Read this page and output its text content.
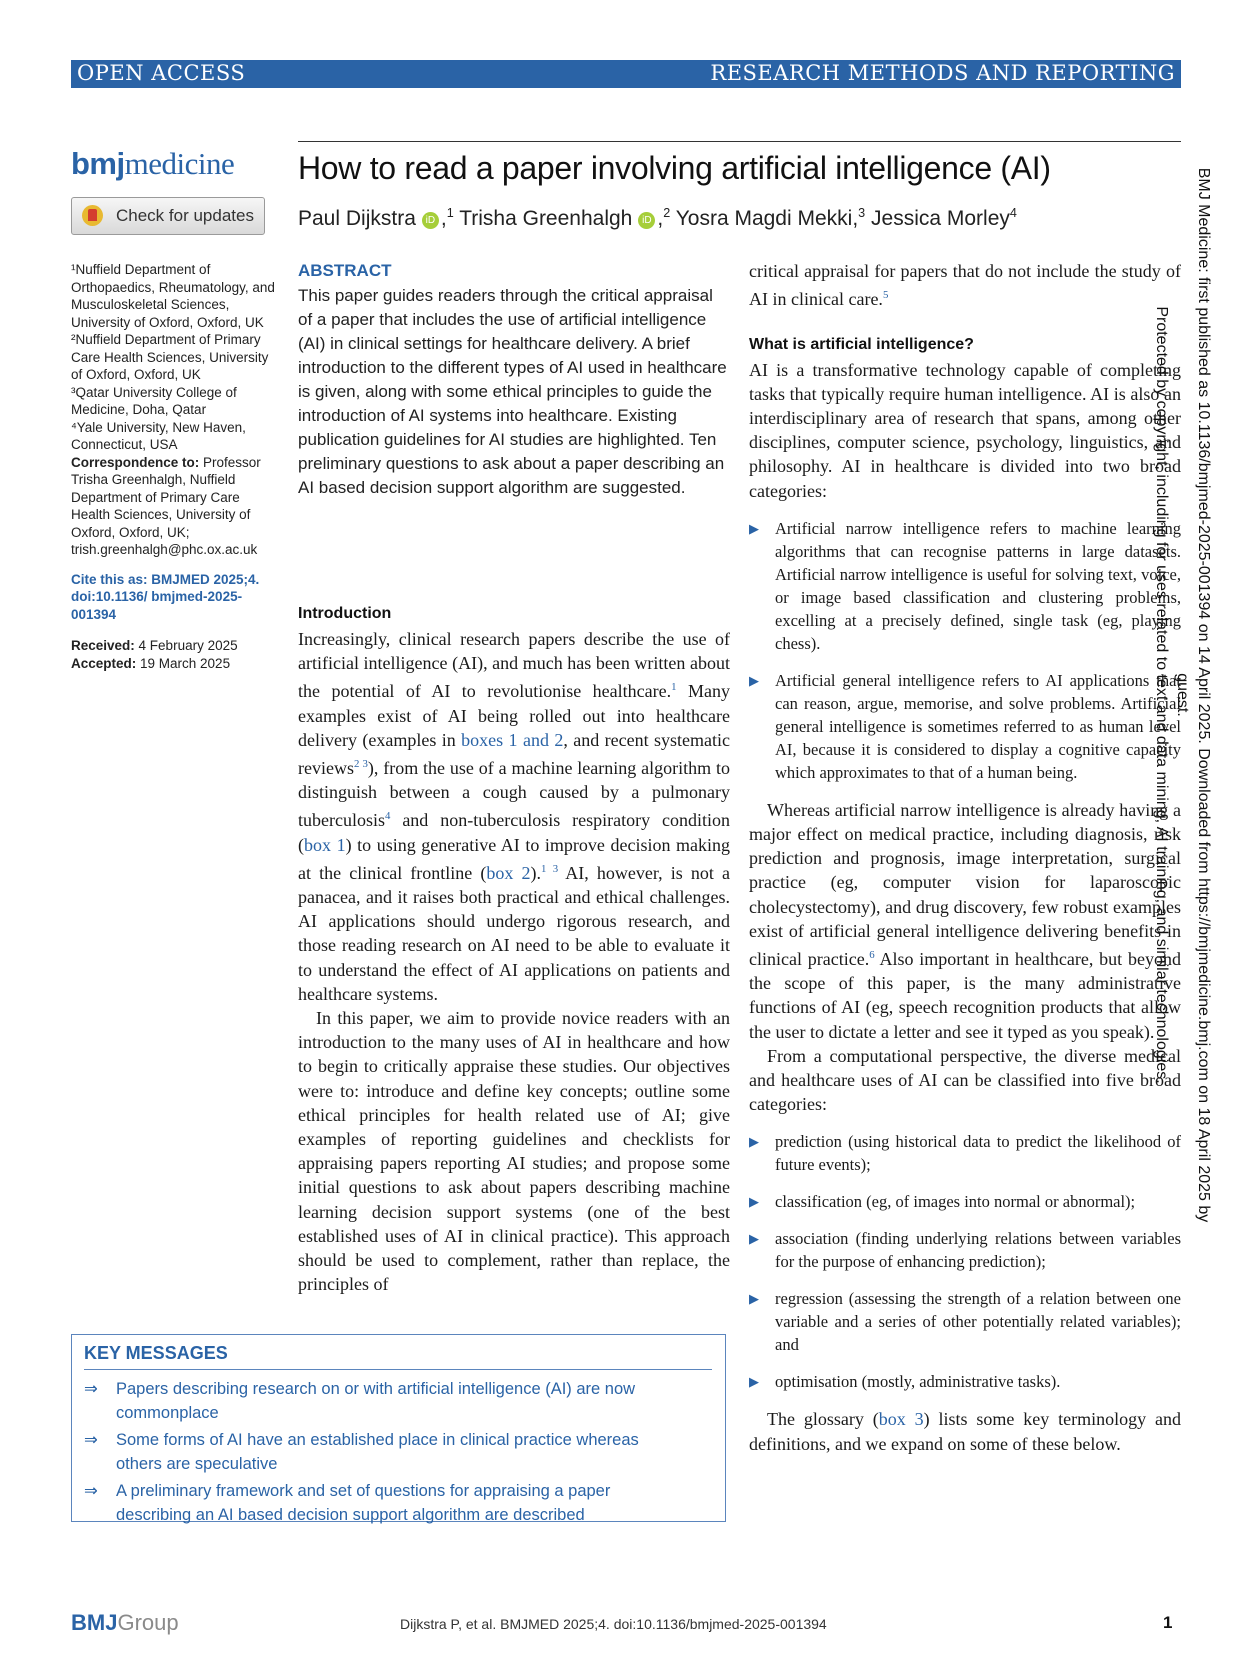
OPEN ACCESS	RESEARCH METHODS AND REPORTING
bmjmedicine
Check for updates
How to read a paper involving artificial intelligence (AI)
Paul Dijkstra iD ,$^1$ Trisha Greenhalgh iD ,$^2$ Yosra Magdi Mekki,$^3$ Jessica Morley$^4$

¹Nuffield Department of Orthopaedics, Rheumatology, and Musculoskeletal Sciences, University of Oxford, Oxford, UK

²Nuffield Department of Primary Care Health Sciences, University of Oxford, Oxford, UK

³Qatar University College of Medicine, Doha, Qatar

⁴Yale University, New Haven, Connecticut, USA

Correspondence to: Professor Trisha Greenhalgh, Nuffield Department of Primary Care Health Sciences, University of Oxford, Oxford, UK; trish.greenhalgh@phc.ox.ac.uk

Cite this as: BMJMED 2025;4. doi:10.1136/ bmjmed-2025-001394

Received: 4 February 2025

Accepted: 19 March 2025

ABSTRACT
This paper guides readers through the critical appraisal of a paper that includes the use of artificial intelligence (AI) in clinical settings for healthcare delivery. A brief introduction to the different types of AI used in healthcare is given, along with some ethical principles to guide the introduction of AI systems into healthcare. Existing publication guidelines for AI studies are highlighted. Ten preliminary questions to ask about a paper describing an AI based decision support algorithm are suggested.
Introduction

Increasingly, clinical research papers describe the use of artificial intelligence (AI), and much has been written about the potential of AI to revolutionise healthcare.$^1$ Many examples exist of AI being rolled out into healthcare delivery (examples in boxes 1 and 2, and recent systematic reviews$^{2 3}$), from the use of a machine learning algorithm to distinguish between a cough caused by a pulmonary tuberculosis$^4$ and non-tuberculosis respiratory condition (box 1) to using generative AI to improve decision making at the clinical frontline (box 2).$^{1 3}$ AI, however, is not a panacea, and it raises both practical and ethical challenges. AI applications should undergo rigorous research, and those reading research on AI need to be able to evaluate it to understand the effect of AI applications on patients and healthcare systems.

In this paper, we aim to provide novice readers with an introduction to the many uses of AI in healthcare and how to begin to critically appraise these studies. Our objectives were to: introduce and define key concepts; outline some ethical principles for health related use of AI; give examples of reporting guidelines and checklists for appraising papers reporting AI studies; and propose some initial questions to ask about papers describing machine learning decision support systems (one of the best established uses of AI in clinical practice). This approach should be used to complement, rather than replace, the principles of

KEY MESSAGES
⇒ Papers describing research on or with artificial intelligence (AI) are now commonplace
⇒ Some forms of AI have an established place in clinical practice whereas others are speculative
⇒ A preliminary framework and set of questions for appraising a paper describing an AI based decision support algorithm are described

critical appraisal for papers that do not include the study of AI in clinical care.$^5$

What is artificial intelligence?

AI is a transformative technology capable of completing tasks that typically require human intelligence. AI is also an interdisciplinary area of research that spans, among other disciplines, computer science, psychology, linguistics, and philosophy. AI in healthcare is divided into two broad categories:

▶ Artificial narrow intelligence refers to machine learning algorithms that can recognise patterns in large datasets. Artificial narrow intelligence is useful for solving text, voice, or image based classification and clustering problems, excelling at a precisely defined, single task (eg, playing chess).
▶ Artificial general intelligence refers to AI applications that can reason, argue, memorise, and solve problems. Artificial general intelligence is sometimes referred to as human level AI, because it is considered to display a cognitive capacity which approximates to that of a human being.

Whereas artificial narrow intelligence is already having a major effect on medical practice, including diagnosis, risk prediction and prognosis, image interpretation, surgical practice (eg, computer vision for laparoscopic cholecystectomy), and drug discovery, few robust examples exist of artificial general intelligence delivering benefits in clinical practice.$^6$ Also important in healthcare, but beyond the scope of this paper, is the many administrative functions of AI (eg, speech recognition products that allow the user to dictate a letter and see it typed as you speak).

From a computational perspective, the diverse medical and healthcare uses of AI can be classified into five broad categories:

▶ prediction (using historical data to predict the likelihood of future events);
▶ classification (eg, of images into normal or abnormal);
▶ association (finding underlying relations between variables for the purpose of enhancing prediction);
▶ regression (assessing the strength of a relation between one variable and a series of other potentially related variables); and
▶ optimisation (mostly, administrative tasks).

The glossary (box 3) lists some key terminology and definitions, and we expand on some of these below.

BMJ Medicine: first published as 10.1136/bmjmed-2025-001394 on 14 April 2025. Downloaded from https://bmjmedicine.bmj.com on 18 April 2025 by guest.

Protected by copyright, including for uses related to text and data mining, AI training, and similar technologies.

BMJGroup	Dijkstra P, et al. BMJMED 2025;4. doi:10.1136/bmjmed-2025-001394	1
